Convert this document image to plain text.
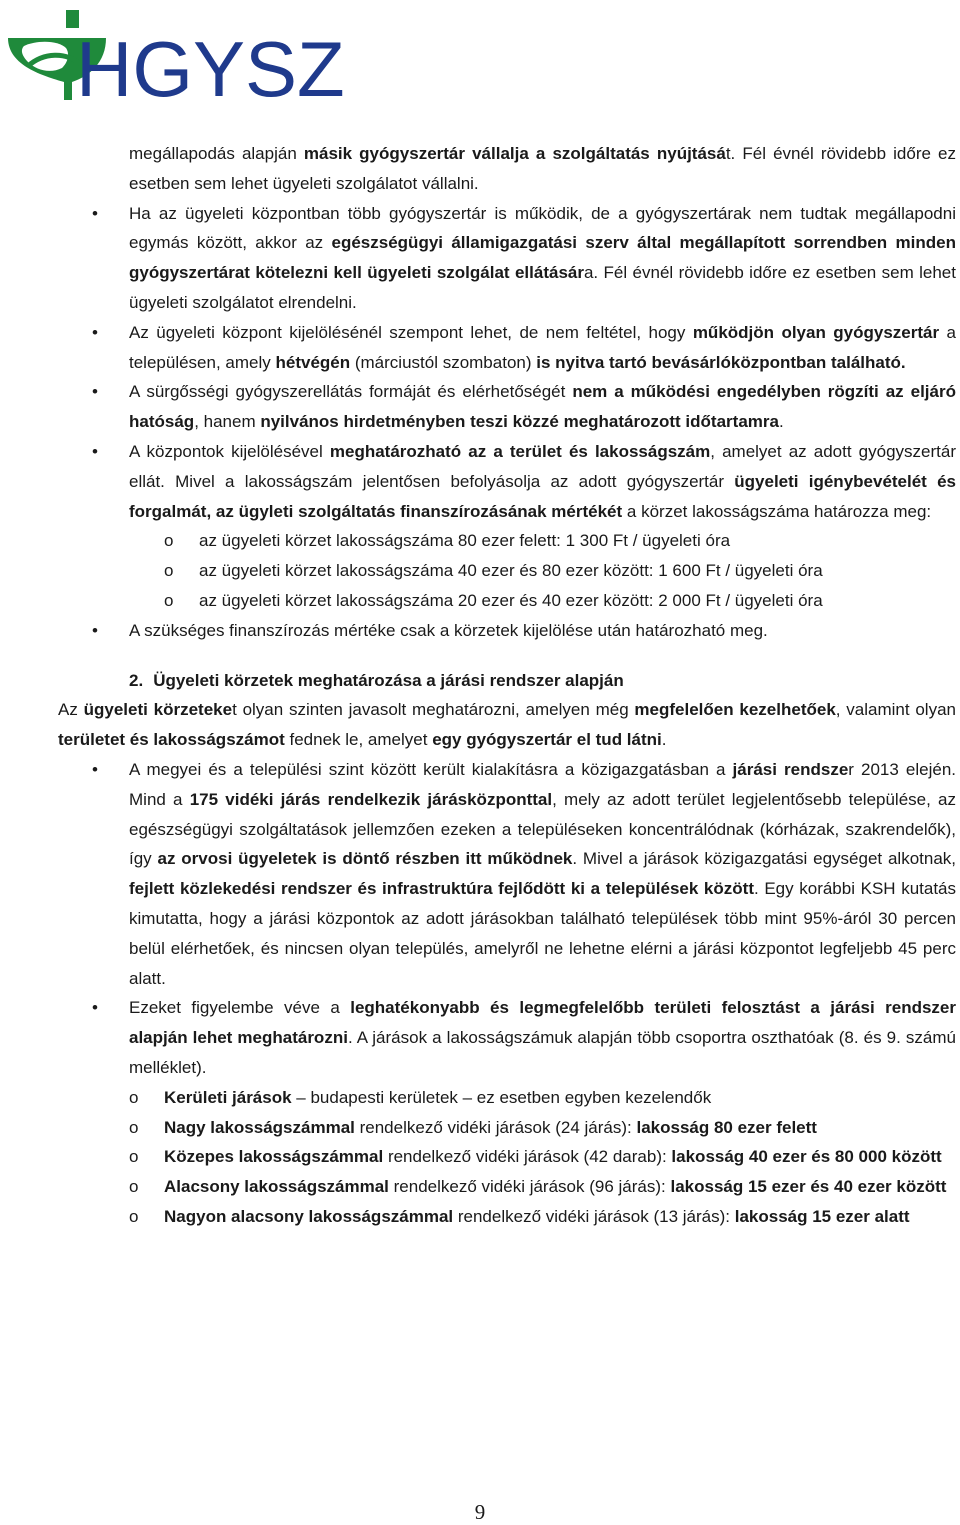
HGYSZ

megállapodás alapján másik gyógyszertár vállalja a szolgáltatás nyújtását. Fél évnél rövidebb időre ez esetben sem lehet ügyeleti szolgálatot vállalni.

• Ha az ügyeleti központban több gyógyszertár is működik, de a gyógyszertárak nem tudtak megállapodni egymás között, akkor az egészségügyi államigazgatási szerv által megállapított sorrendben minden gyógyszertárat kötelezni kell ügyeleti szolgálat ellátására. Fél évnél rövidebb időre ez esetben sem lehet ügyeleti szolgálatot elrendelni.

• Az ügyeleti központ kijelölésénél szempont lehet, de nem feltétel, hogy működjön olyan gyógyszertár a településen, amely hétvégén (márciustól szombaton) is nyitva tartó bevásárlóközpontban található.

• A sürgősségi gyógyszerellátás formáját és elérhetőségét nem a működési engedélyben rögzíti az eljáró hatóság, hanem nyilvános hirdetményben teszi közzé meghatározott időtartamra.

• A központok kijelölésével meghatározható az a terület és lakosságszám, amelyet az adott gyógyszertár ellát. Mivel a lakosságszám jelentősen befolyásolja az adott gyógyszertár ügyeleti igénybevételét és forgalmát, az ügyleti szolgáltatás finanszírozásának mértékét a körzet lakosságszáma határozza meg:

o az ügyeleti körzet lakosságszáma 80 ezer felett: 1 300 Ft / ügyeleti óra

o az ügyeleti körzet lakosságszáma 40 ezer és 80 ezer között: 1 600 Ft / ügyeleti óra

o az ügyeleti körzet lakosságszáma 20 ezer és 40 ezer között: 2 000 Ft / ügyeleti óra

• A szükséges finanszírozás mértéke csak a körzetek kijelölése után határozható meg.

2. Ügyeleti körzetek meghatározása a járási rendszer alapján

Az ügyeleti körzeteket olyan szinten javasolt meghatározni, amelyen még megfelelően kezelhetőek, valamint olyan területet és lakosságszámot fednek le, amelyet egy gyógyszertár el tud látni.

• A megyei és a települési szint között került kialakításra a közigazgatásban a járási rendszer 2013 elején. Mind a 175 vidéki járás rendelkezik járásközponttal, mely az adott terület legjelentősebb települése, az egészségügyi szolgáltatások jellemzően ezeken a településeken koncentrálódnak (kórházak, szakrendelők), így az orvosi ügyeletek is döntő részben itt működnek. Mivel a járások közigazgatási egységet alkotnak, fejlett közlekedési rendszer és infrastruktúra fejlődött ki a települések között. Egy korábbi KSH kutatás kimutatta, hogy a járási központok az adott járásokban található települések több mint 95%-áról 30 percen belül elérhetőek, és nincsen olyan település, amelyről ne lehetne elérni a járási központot legfeljebb 45 perc alatt.

• Ezeket figyelembe véve a leghatékonyabb és legmegfelelőbb területi felosztást a járási rendszer alapján lehet meghatározni. A járások a lakosságszámuk alapján több csoportra oszthatóak (8. és 9. számú melléklet).

o Kerületi járások – budapesti kerületek – ez esetben egyben kezelendők

o Nagy lakosságszámmal rendelkező vidéki járások (24 járás): lakosság 80 ezer felett

o Közepes lakosságszámmal rendelkező vidéki járások (42 darab): lakosság 40 ezer és 80 000 között

o Alacsony lakosságszámmal rendelkező vidéki járások (96 járás): lakosság 15 ezer és 40 ezer között

o Nagyon alacsony lakosságszámmal rendelkező vidéki járások (13 járás): lakosság 15 ezer alatt

9
